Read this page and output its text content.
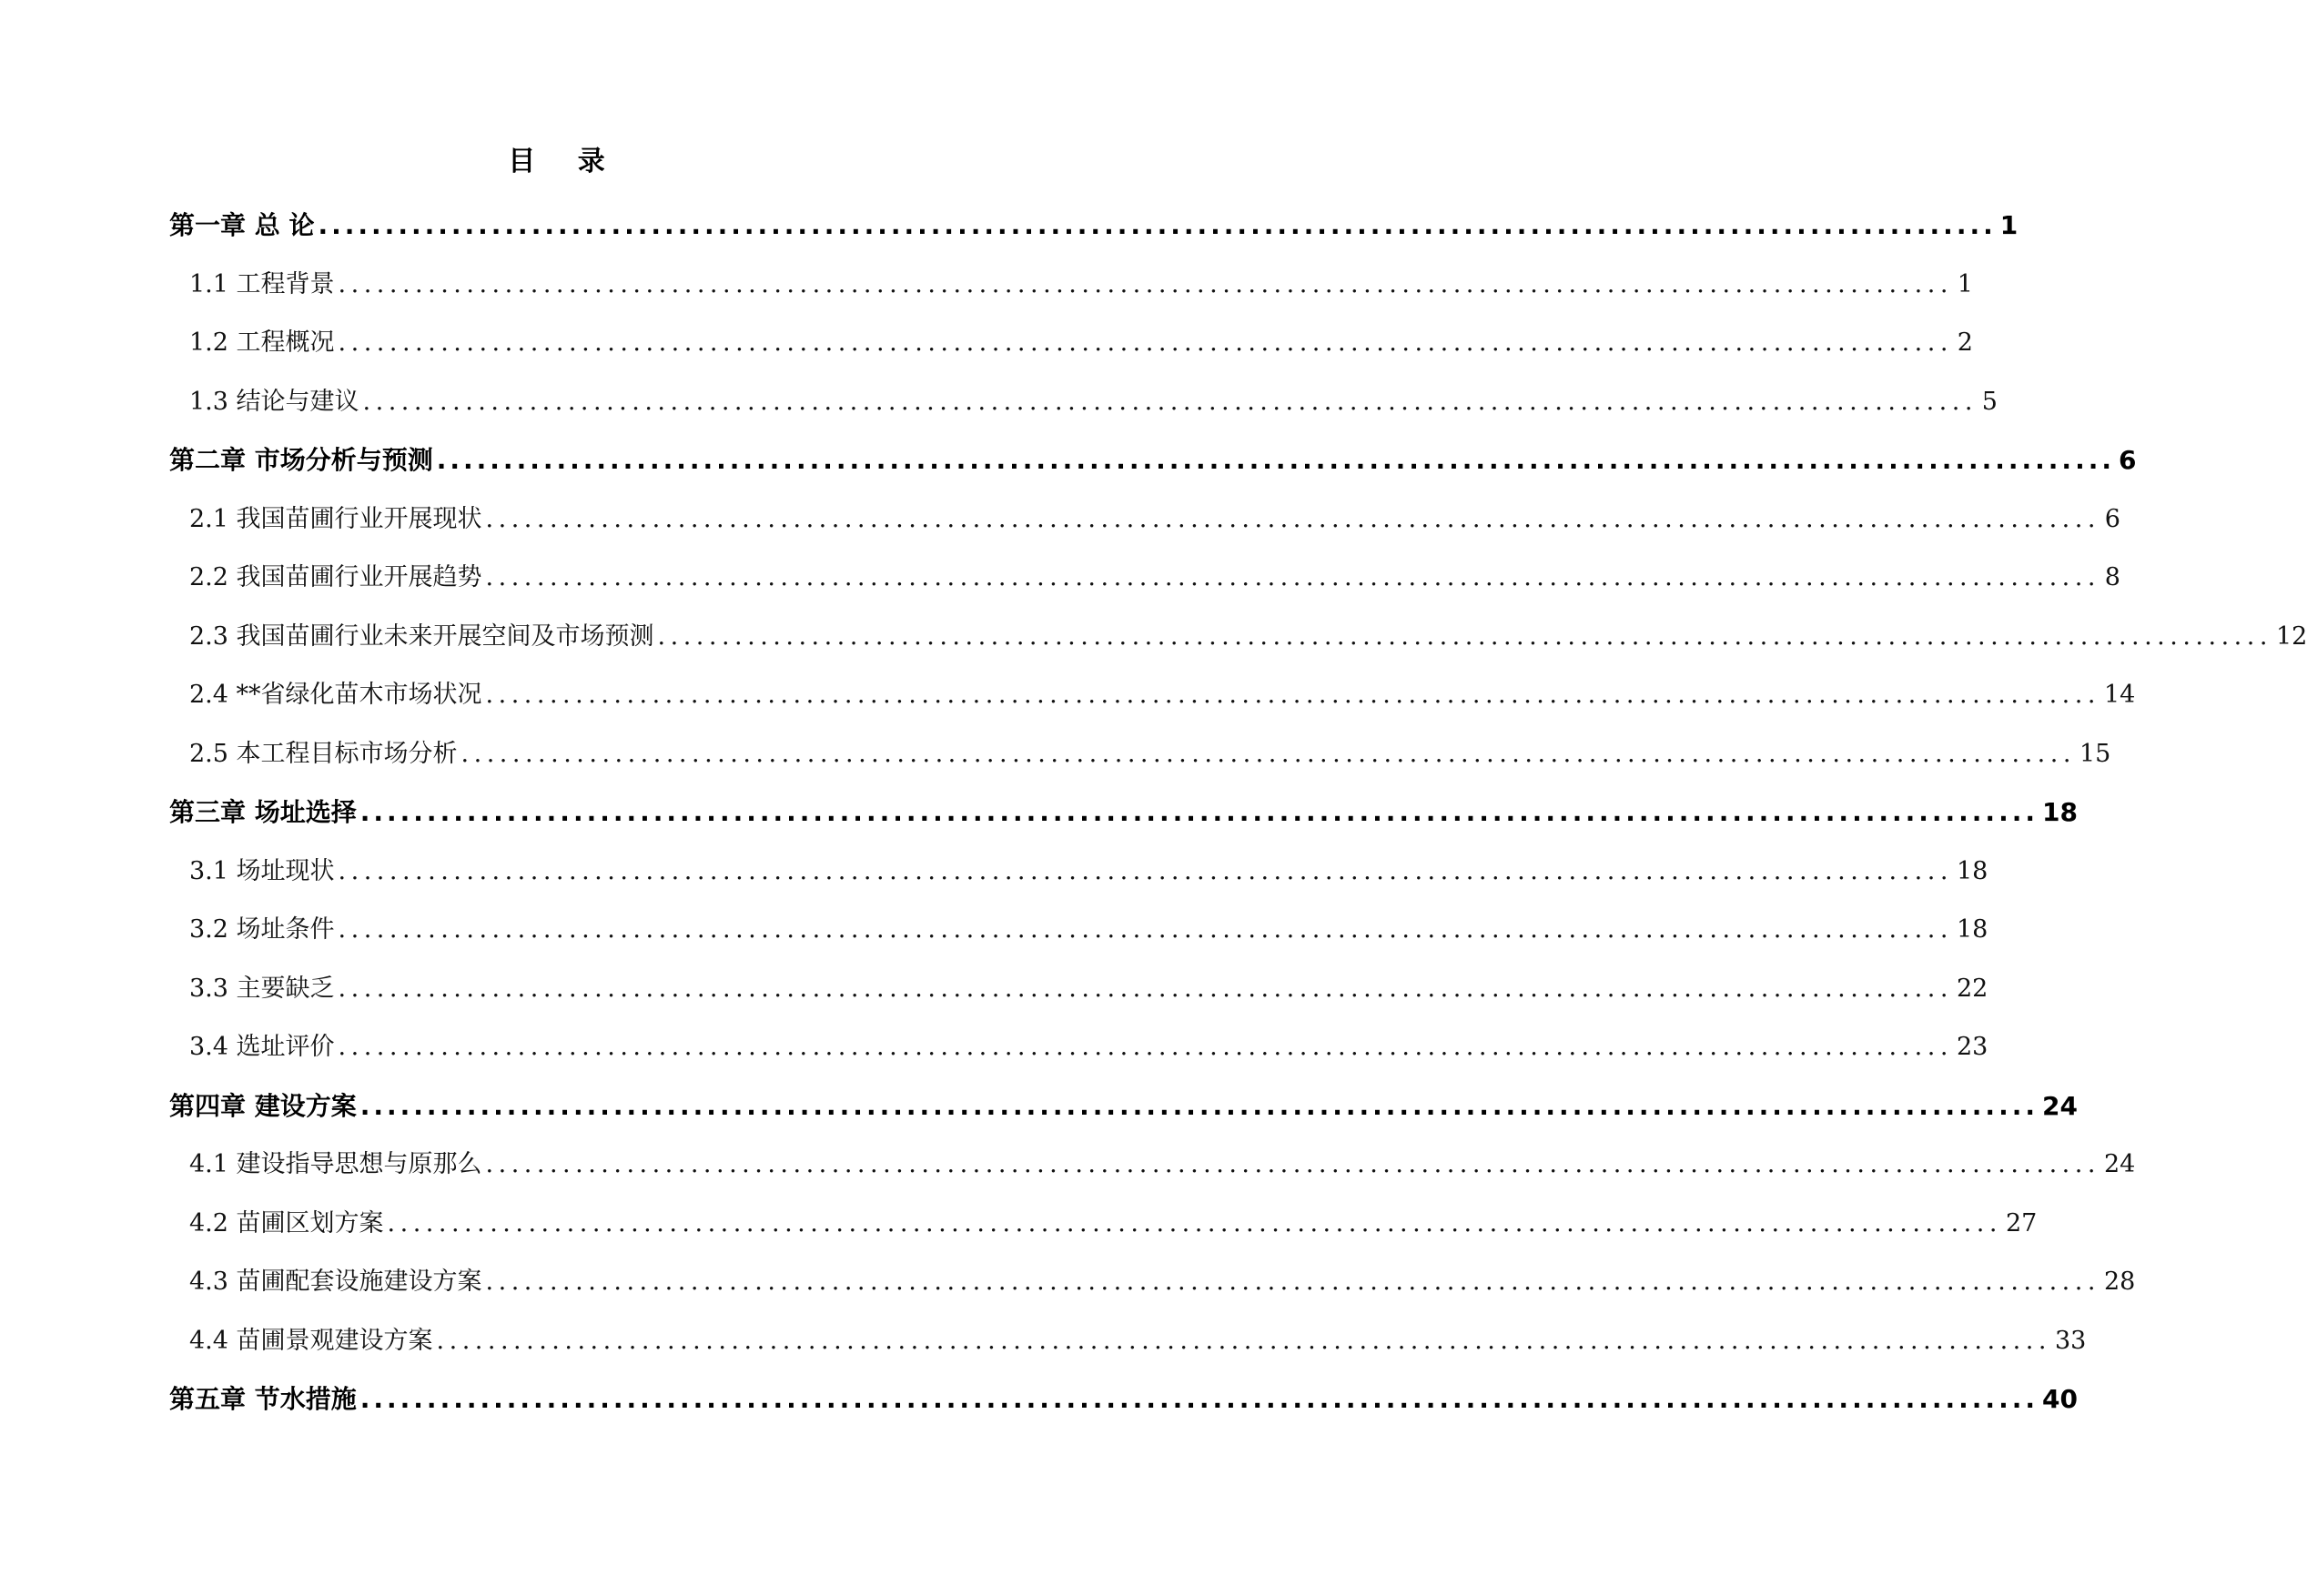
目 录
第一章 总 论 .............................................................................................................................. 1
1.1 工程背景 .............................................................................................................................. 1
1.2 工程概况 .............................................................................................................................. 2
1.3 结论与建议 .............................................................................................................................. 5
第二章 市场分析与预测 .............................................................................................................................. 6
2.1 我国苗圃行业开展现状 .............................................................................................................................. 6
2.2 我国苗圃行业开展趋势 .............................................................................................................................. 8
2.3 我国苗圃行业未来开展空间及市场预测 .............................................................................................................................. 12
2.4 **省绿化苗木市场状况 .............................................................................................................................. 14
2.5 本工程目标市场分析 .............................................................................................................................. 15
第三章 场址选择 .............................................................................................................................. 18
3.1 场址现状 .............................................................................................................................. 18
3.2 场址条件 .............................................................................................................................. 18
3.3 主要缺乏 .............................................................................................................................. 22
3.4 选址评价 .............................................................................................................................. 23
第四章 建设方案 .............................................................................................................................. 24
4.1 建设指导思想与原那么 .............................................................................................................................. 24
4.2 苗圃区划方案 .............................................................................................................................. 27
4.3 苗圃配套设施建设方案 .............................................................................................................................. 28
4.4 苗圃景观建设方案 .............................................................................................................................. 33
第五章 节水措施 .............................................................................................................................. 40
